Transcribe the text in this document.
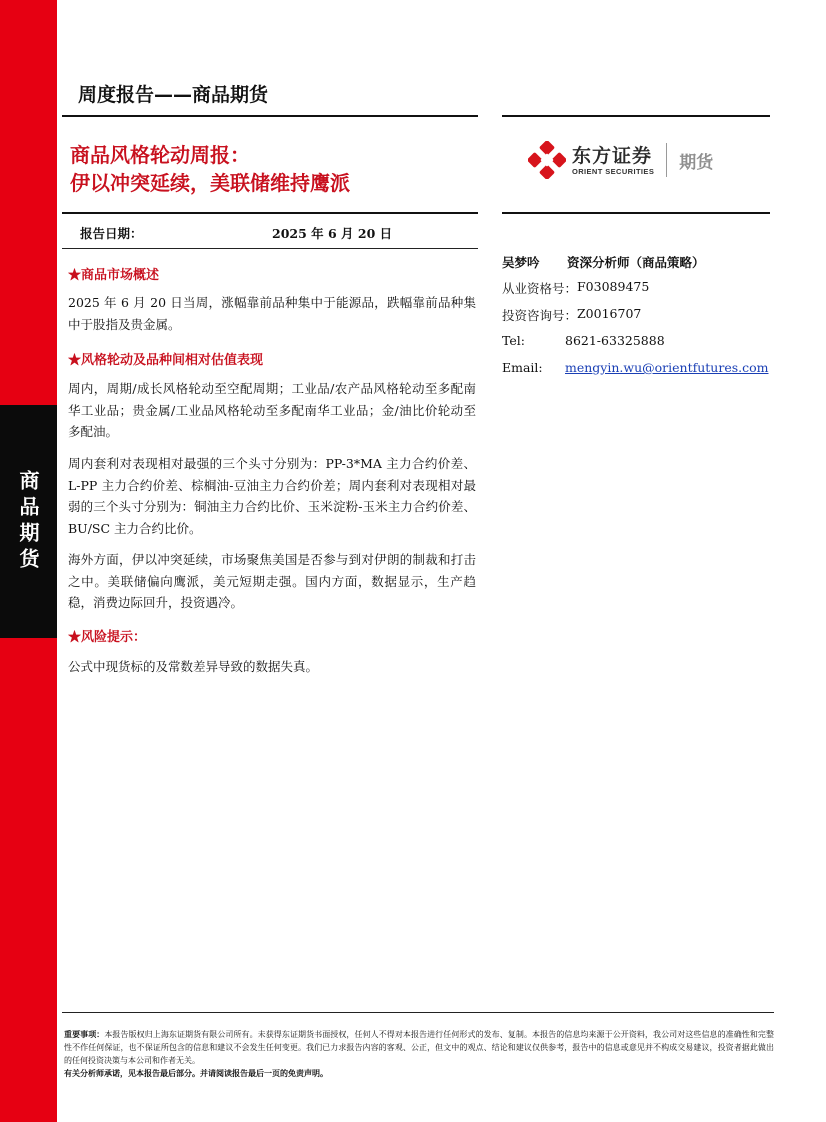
商品期货
周度报告——商品期货
商品风格轮动周报：
伊以冲突延续，美联储维持鹰派
东方证券
ORIENT SECURITIES 期货
报告日期：	2025 年 6 月 20 日
★商品市场概述
2025 年 6 月 20 日当周，涨幅靠前品种集中于能源品，跌幅靠前品种集中于股指及贵金属。
★风格轮动及品种间相对估值表现
周内，周期/成长风格轮动至空配周期；工业品/农产品风格轮动至多配南华工业品；贵金属/工业品风格轮动至多配南华工业品；金/油比价轮动至多配油。
周内套利对表现相对最强的三个头寸分别为：PP-3*MA 主力合约价差、L-PP 主力合约价差、棕榈油-豆油主力合约价差；周内套利对表现相对最弱的三个头寸分别为：铜油主力合约比价、玉米淀粉-玉米主力合约价差、BU/SC 主力合约比价。
海外方面，伊以冲突延续，市场聚焦美国是否参与到对伊朗的制裁和打击之中。美联储偏向鹰派，美元短期走强。国内方面，数据显示，生产趋稳，消费边际回升，投资遇冷。
★风险提示：
公式中现货标的及常数差异导致的数据失真。
吴梦吟 资深分析师（商品策略）
从业资格号： F03089475
投资咨询号： Z0016707
Tel:	8621-63325888
Email: mengyin.wu@orientfutures.com
重要事项：本报告版权归上海东证期货有限公司所有。未获得东证期货书面授权，任何人不得对本报告进行任何形式的发布、复制。本报告的信息均来源于公开资料，我公司对这些信息的准确性和完整性不作任何保证，也不保证所包含的信息和建议不会发生任何变更。我们已力求报告内容的客观、公正，但文中的观点、结论和建议仅供参考，报告中的信息或意见并不构成交易建议，投资者据此做出的任何投资决策与本公司和作者无关。
有关分析师承诺，见本报告最后部分。并请阅读报告最后一页的免责声明。
